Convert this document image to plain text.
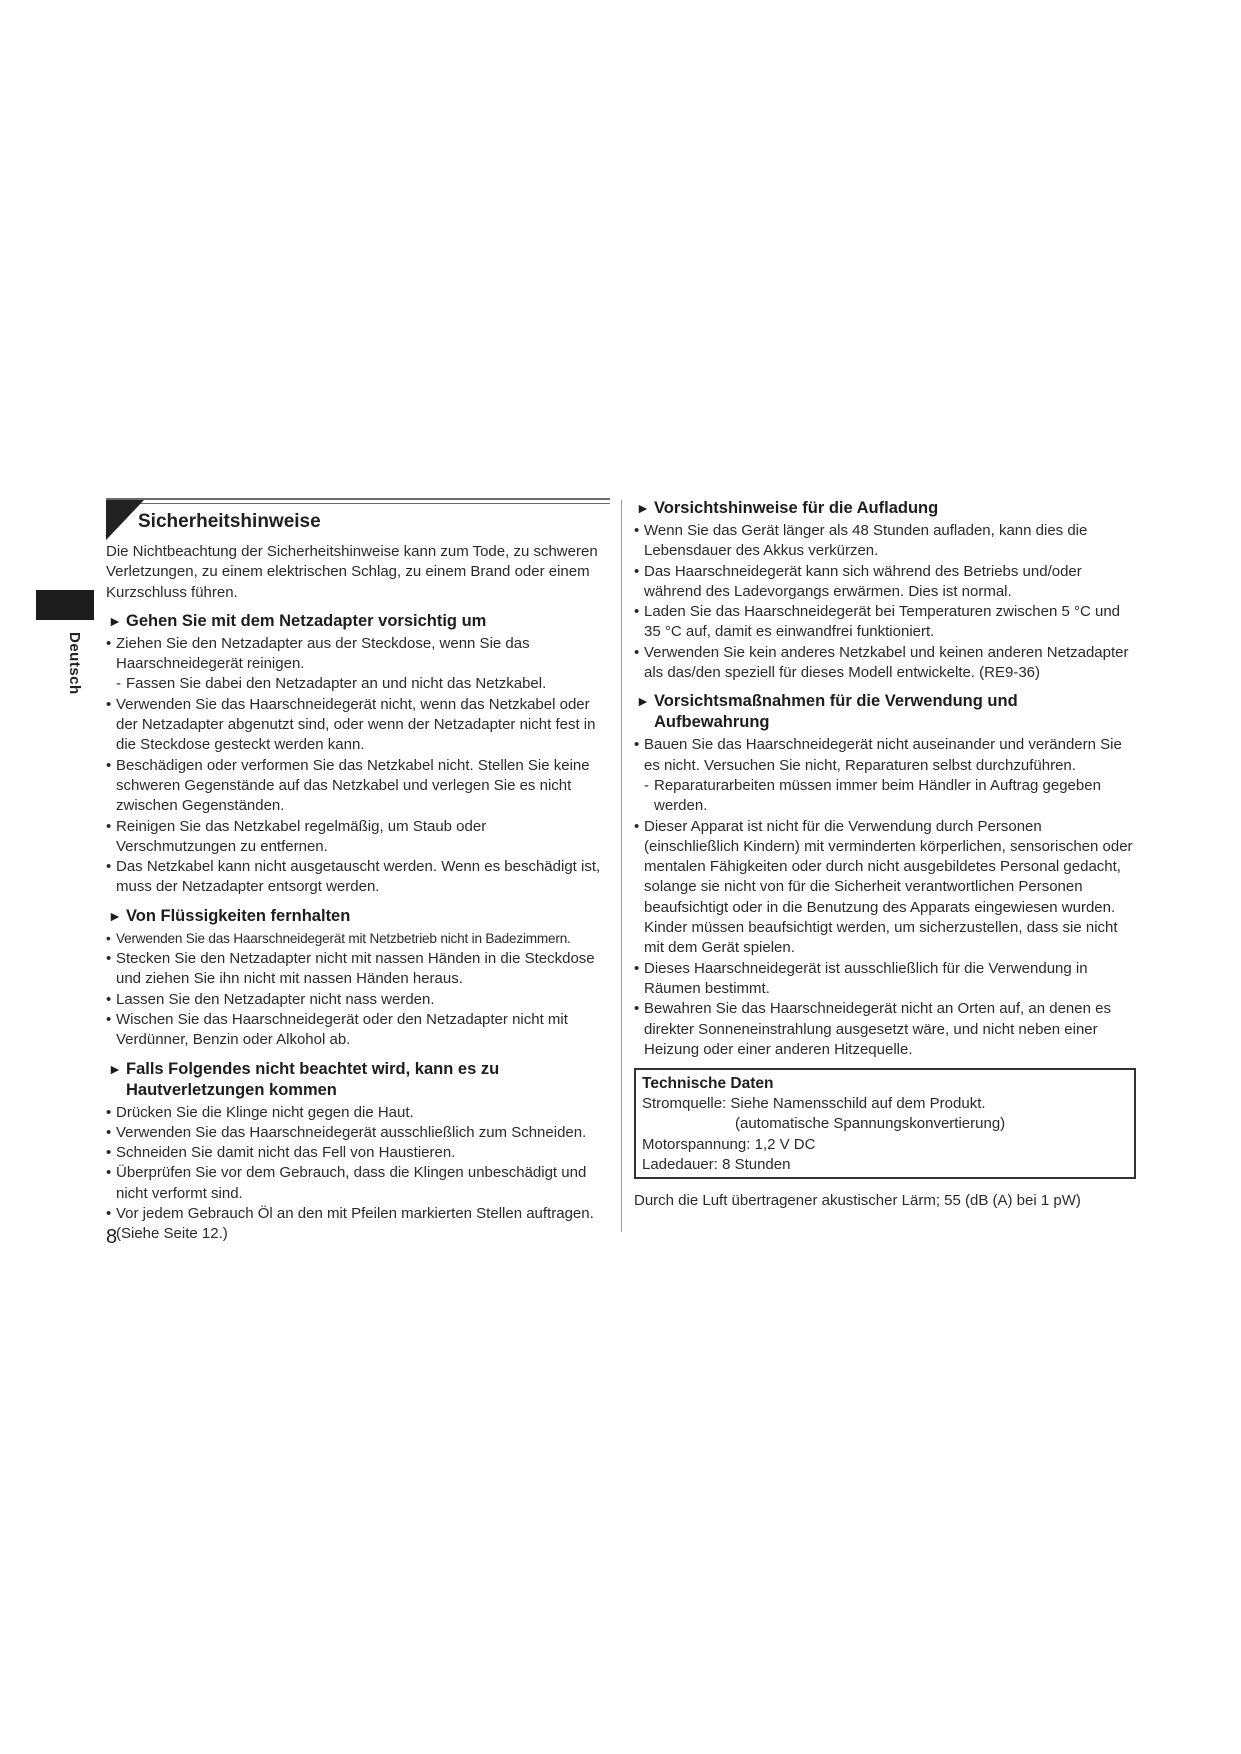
Deutsch
Sicherheitshinweise

Die Nichtbeachtung der Sicherheitshinweise kann zum Tode, zu schweren Verletzungen, zu einem elektrischen Schlag, zu einem Brand oder einem Kurzschluss führen.

► Gehen Sie mit dem Netzadapter vorsichtig um
• Ziehen Sie den Netzadapter aus der Steckdose, wenn Sie das Haarschneidegerät reinigen.
- Fassen Sie dabei den Netzadapter an und nicht das Netzkabel.
• Verwenden Sie das Haarschneidegerät nicht, wenn das Netzkabel oder der Netzadapter abgenutzt sind, oder wenn der Netzadapter nicht fest in die Steckdose gesteckt werden kann.
• Beschädigen oder verformen Sie das Netzkabel nicht. Stellen Sie keine schweren Gegenstände auf das Netzkabel und verlegen Sie es nicht zwischen Gegenständen.
• Reinigen Sie das Netzkabel regelmäßig, um Staub oder Verschmutzungen zu entfernen.
• Das Netzkabel kann nicht ausgetauscht werden. Wenn es beschädigt ist, muss der Netzadapter entsorgt werden.
► Von Flüssigkeiten fernhalten
• Verwenden Sie das Haarschneidegerät mit Netzbetrieb nicht in Badezimmern.
• Stecken Sie den Netzadapter nicht mit nassen Händen in die Steckdose und ziehen Sie ihn nicht mit nassen Händen heraus.
• Lassen Sie den Netzadapter nicht nass werden.
• Wischen Sie das Haarschneidegerät oder den Netzadapter nicht mit Verdünner, Benzin oder Alkohol ab.
► Falls Folgendes nicht beachtet wird, kann es zu
Hautverletzungen kommen
• Drücken Sie die Klinge nicht gegen die Haut.
• Verwenden Sie das Haarschneidegerät ausschließlich zum Schneiden.
• Schneiden Sie damit nicht das Fell von Haustieren.
• Überprüfen Sie vor dem Gebrauch, dass die Klingen unbeschädigt und nicht verformt sind.
• Vor jedem Gebrauch Öl an den mit Pfeilen markierten Stellen auftragen. (Siehe Seite 12.)
8
► Vorsichtshinweise für die Aufladung
• Wenn Sie das Gerät länger als 48 Stunden aufladen, kann dies die Lebensdauer des Akkus verkürzen.
• Das Haarschneidegerät kann sich während des Betriebs und/oder während des Ladevorgangs erwärmen. Dies ist normal.
• Laden Sie das Haarschneidegerät bei Temperaturen zwischen 5 °C und 35 °C auf, damit es einwandfrei funktioniert.
• Verwenden Sie kein anderes Netzkabel und keinen anderen Netzadapter als das/den speziell für dieses Modell entwickelte. (RE9-36)
► Vorsichtsmaßnahmen für die Verwendung und Aufbewahrung
• Bauen Sie das Haarschneidegerät nicht auseinander und verändern Sie es nicht. Versuchen Sie nicht, Reparaturen selbst durchzuführen.
- Reparaturarbeiten müssen immer beim Händler in Auftrag gegeben werden.
• Dieser Apparat ist nicht für die Verwendung durch Personen (einschließlich Kindern) mit verminderten körperlichen, sensorischen oder mentalen Fähigkeiten oder durch nicht ausgebildetes Personal gedacht, solange sie nicht von für die Sicherheit verantwortlichen Personen beaufsichtigt oder in die Benutzung des Apparats eingewiesen wurden. Kinder müssen beaufsichtigt werden, um sicherzustellen, dass sie nicht mit dem Gerät spielen.
• Dieses Haarschneidegerät ist ausschließlich für die Verwendung in Räumen bestimmt.
• Bewahren Sie das Haarschneidegerät nicht an Orten auf, an denen es direkter Sonneneinstrahlung ausgesetzt wäre, und nicht neben einer Heizung oder einer anderen Hitzequelle.
Technische Daten
Stromquelle: Siehe Namensschild auf dem Produkt.
(automatische Spannungskonvertierung)
Motorspannung: 1,2 V DC
Ladedauer: 8 Stunden
Durch die Luft übertragener akustischer Lärm; 55 (dB (A) bei 1 pW)
